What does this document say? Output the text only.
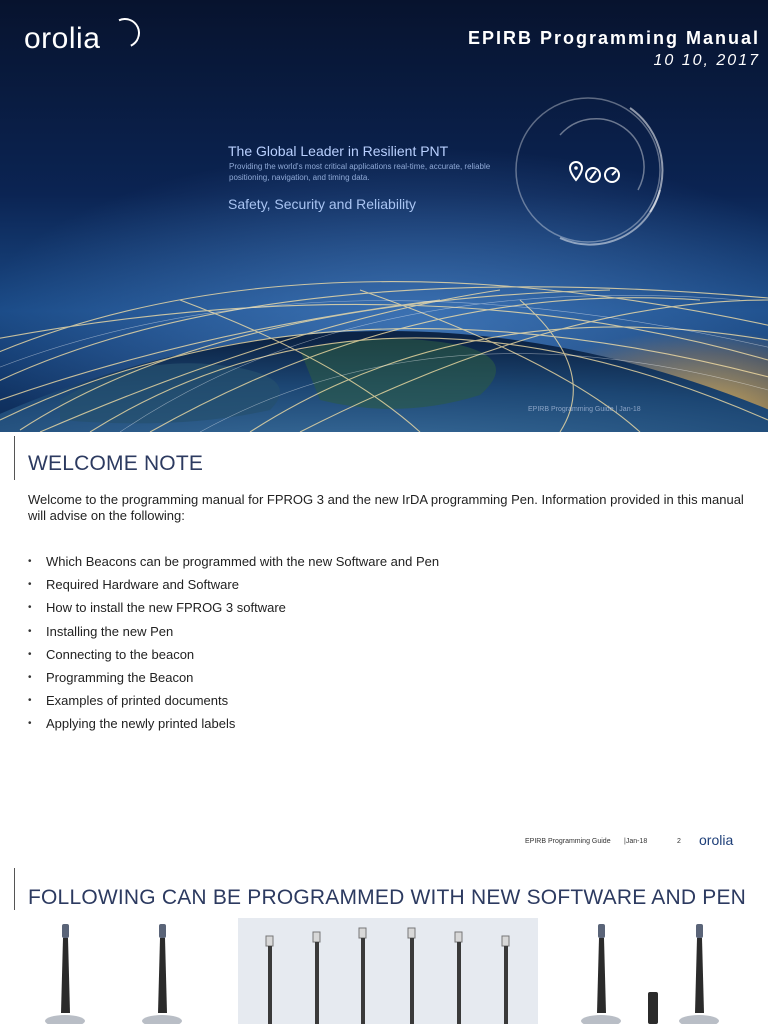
orolia	EPIRB Programming Manual
10 10, 2017
The Global Leader in Resilient PNT
Providing the world's most critical applications real-time, accurate, reliable positioning, navigation, and timing data.
Safety, Security and Reliability
EPIRB Programming Guide | Jan-18
WELCOME NOTE
Welcome to the programming manual for FPROG 3 and the new IrDA programming Pen. Information provided in this manual will advise on the following:
• Which Beacons can be programmed with the new Software and Pen
• Required Hardware and Software
• How to install the new FPROG 3 software
• Installing the new Pen
• Connecting to the beacon
• Programming the Beacon
• Examples of printed documents
• Applying the newly printed labels
EPIRB Programming Guide |Jan-18	2 orolia
FOLLOWING CAN BE PROGRAMMED WITH NEW SOFTWARE AND PEN
